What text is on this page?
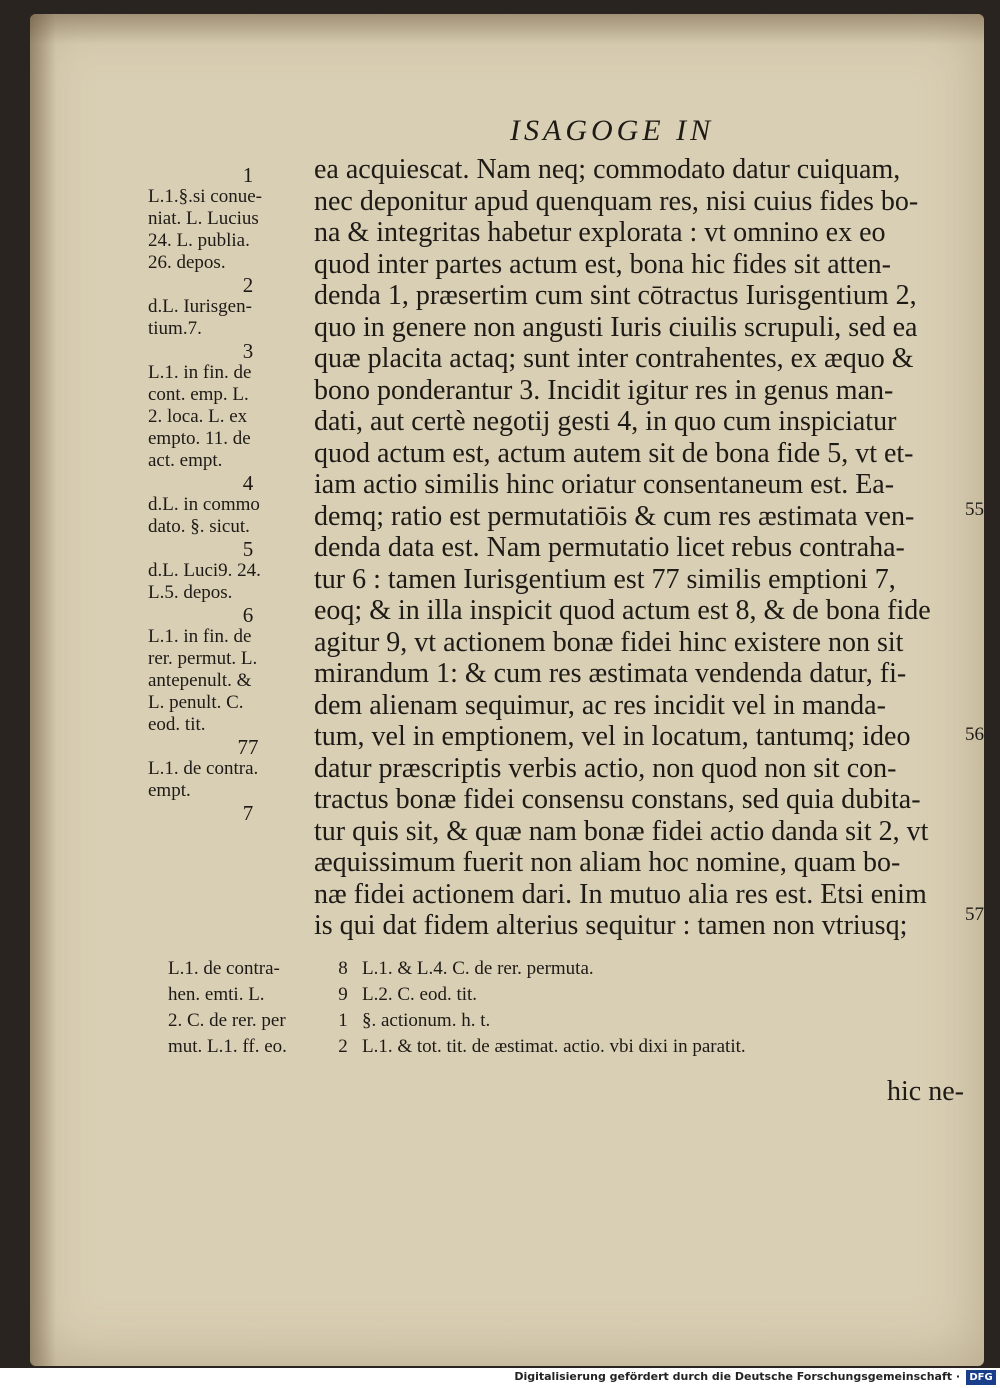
ISAGOGE IN
ea acquiescat. Nam neq; commodato datur cuiquam,
nec deponitur apud quenquam res, nisi cuius fides bo-
na & integritas habetur explorata : vt omnino ex eo
quod inter partes actum est, bona hic fides sit atten-
denda 1, præsertim cum sint cōtractus Iurisgentium 2,
quo in genere non angusti Iuris ciuilis scrupuli, sed ea
quæ placita actaq; sunt inter contrahentes, ex æquo &
bono ponderantur 3. Incidit igitur res in genus man-
dati, aut certè negotij gesti 4, in quo cum inspiciatur
quod actum est, actum autem sit de bona fide 5, vt et-
iam actio similis hinc oriatur consentaneum est. Ea-
demq; ratio est permutatiōis & cum res æstimata ven-
denda data est. Nam permutatio licet rebus contraha-
tur 6 : tamen Iurisgentium est 77 similis emptioni 7,
eoq; & in illa inspicit quod actum est 8, & de bona fide
agitur 9, vt actionem bonæ fidei hinc existere non sit
mirandum 1: & cum res æstimata vendenda datur, fi-
dem alienam sequimur, ac res incidit vel in manda-
tum, vel in emptionem, vel in locatum, tantumq; ideo
datur præscriptis verbis actio, non quod non sit con-
tractus bonæ fidei consensu constans, sed quia dubita-
tur quis sit, & quæ nam bonæ fidei actio danda sit 2, vt
æquissimum fuerit non aliam hoc nomine, quam bo-
næ fidei actionem dari. In mutuo alia res est. Etsi enim
is qui dat fidem alterius sequitur : tamen non vtriusq;
1
L.1.§.si conue-
niat. L. Lucius
24. L. publia.
26. depos.
2
d.L. Iurisgen-
tium.7.
3
L.1. in fin. de
cont. emp. L.
2. loca. L. ex
empto. 11. de
act. empt.
4
d.L. in commo
dato. §. sicut.
5
d.L. Luci9. 24.
L.5. depos.
6
L.1. in fin. de
rer. permut. L.
antepenult. &
L. penult. C.
eod. tit.
77
L.1. de contra.
empt.
7
L.1. de contra-	8 L.1. & L.4. C. de rer. permuta.
hen. emti. L.	9 L.2. C. eod. tit.
2. C. de rer. per	1 §. actionum. h. t.
mut. L.1. ff. eo.	2 L.1. & tot. tit. de æstimat. actio. vbi dixi in paratit.
55
56
57
hic ne-
Digitalisierung gefördert durch die Deutsche Forschungsgemeinschaft · DFG
